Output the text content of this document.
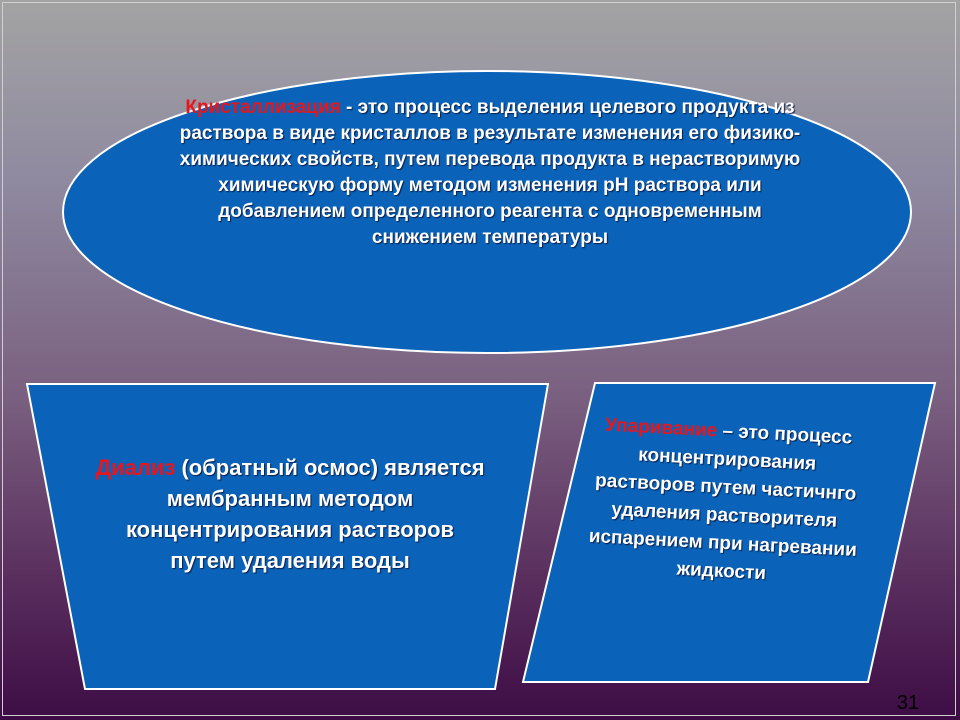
Кристаллизация - это процесс выделения целевого продукта из раствора в виде кристаллов в результате изменения его физико-химических свойств, путем перевода продукта в нерастворимую химическую форму методом изменения pH раствора или добавлением определенного реагента с одновременным снижением температуры
Диализ (обратный осмос) является мембранным методом концентрирования растворов путем удаления воды
Упаривание – это процесс концентрирования растворов путем частичнго удаления растворителя испарением при нагревании жидкости
31
